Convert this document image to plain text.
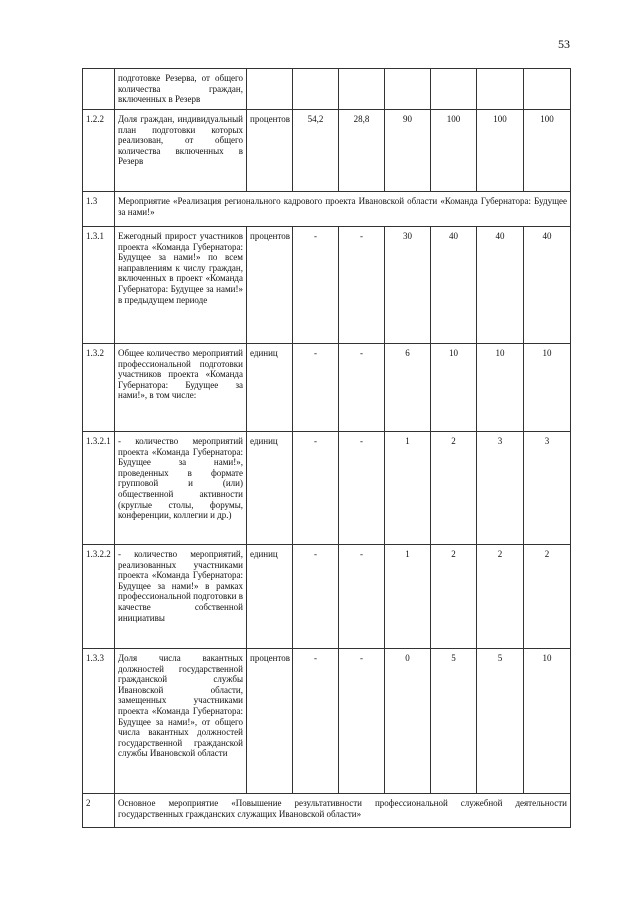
53
	подготовке Резерва, от общего количества граждан, включенных в Резерв							
1.2.2	Доля граждан, индивидуальный план подготовки которых реализован, от общего количества включенных в Резерв	процентов	54,2	28,8	90	100	100	100
1.3	Мероприятие «Реализация регионального кадрового проекта Ивановской области «Команда Губернатора: Будущее за нами!»							
1.3.1	Ежегодный прирост участников проекта «Команда Губернатора: Будущее за нами!» по всем направлениям к числу граждан, включенных в проект «Команда Губернатора: Будущее за нами!» в предыдущем периоде	процентов	-	-	30	40	40	40
1.3.2	Общее количество мероприятий профессиональной подготовки участников проекта «Команда Губернатора: Будущее за нами!», в том числе:	единиц	-	-	6	10	10	10
1.3.2.1	- количество мероприятий проекта «Команда Губернатора: Будущее за нами!», проведенных в формате групповой и (или) общественной активности (круглые столы, форумы, конференции, коллегии и др.)	единиц	-	-	1	2	3	3
1.3.2.2	- количество мероприятий, реализованных участниками проекта «Команда Губернатора: Будущее за нами!» в рамках профессиональной подготовки в качестве собственной инициативы	единиц	-	-	1	2	2	2
1.3.3	Доля числа вакантных должностей государственной гражданской службы Ивановской области, замещенных участниками проекта «Команда Губернатора: Будущее за нами!», от общего числа вакантных должностей государственной гражданской службы Ивановской области	процентов	-	-	0	5	5	10
2	Основное мероприятие «Повышение результативности профессиональной служебной деятельности государственных гражданских служащих Ивановской области»							
